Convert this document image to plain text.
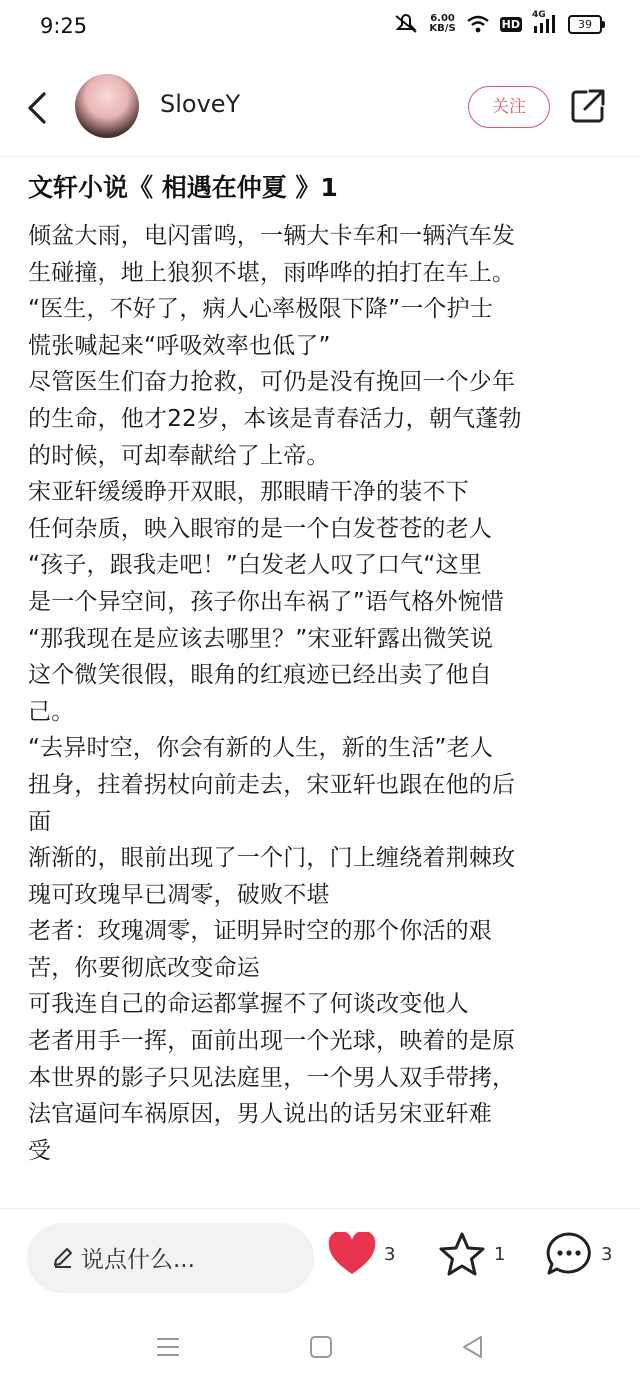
9:25	6.00
KB/S	HD
4G
39
SloveY	关注
文轩小说《 相遇在仲夏 》1
倾盆大雨，电闪雷鸣，一辆大卡车和一辆汽车发
生碰撞，地上狼狈不堪，雨哗哗的拍打在车上。
“医生，不好了，病人心率极限下降”一个护士
慌张喊起来“呼吸效率也低了”
尽管医生们奋力抢救，可仍是没有挽回一个少年
的生命，他才22岁，本该是青春活力，朝气蓬勃
的时候，可却奉献给了上帝。
宋亚轩缓缓睁开双眼，那眼睛干净的装不下
任何杂质，映入眼帘的是一个白发苍苍的老人
“孩子，跟我走吧！”白发老人叹了口气“这里
是一个异空间，孩子你出车祸了”语气格外惋惜
“那我现在是应该去哪里？”宋亚轩露出微笑说
这个微笑很假，眼角的红痕迹已经出卖了他自
己。
“去异时空，你会有新的人生，新的生活”老人
扭身，拄着拐杖向前走去，宋亚轩也跟在他的后
面
渐渐的，眼前出现了一个门，门上缠绕着荆棘玫
瑰可玫瑰早已凋零，破败不堪
老者：玫瑰凋零，证明异时空的那个你活的艰
苦，你要彻底改变命运
可我连自己的命运都掌握不了何谈改变他人
老者用手一挥，面前出现一个光球，映着的是原
本世界的影子只见法庭里，一个男人双手带拷，
法官逼问车祸原因，男人说出的话另宋亚轩难
受
说点什么...	3	1	3
